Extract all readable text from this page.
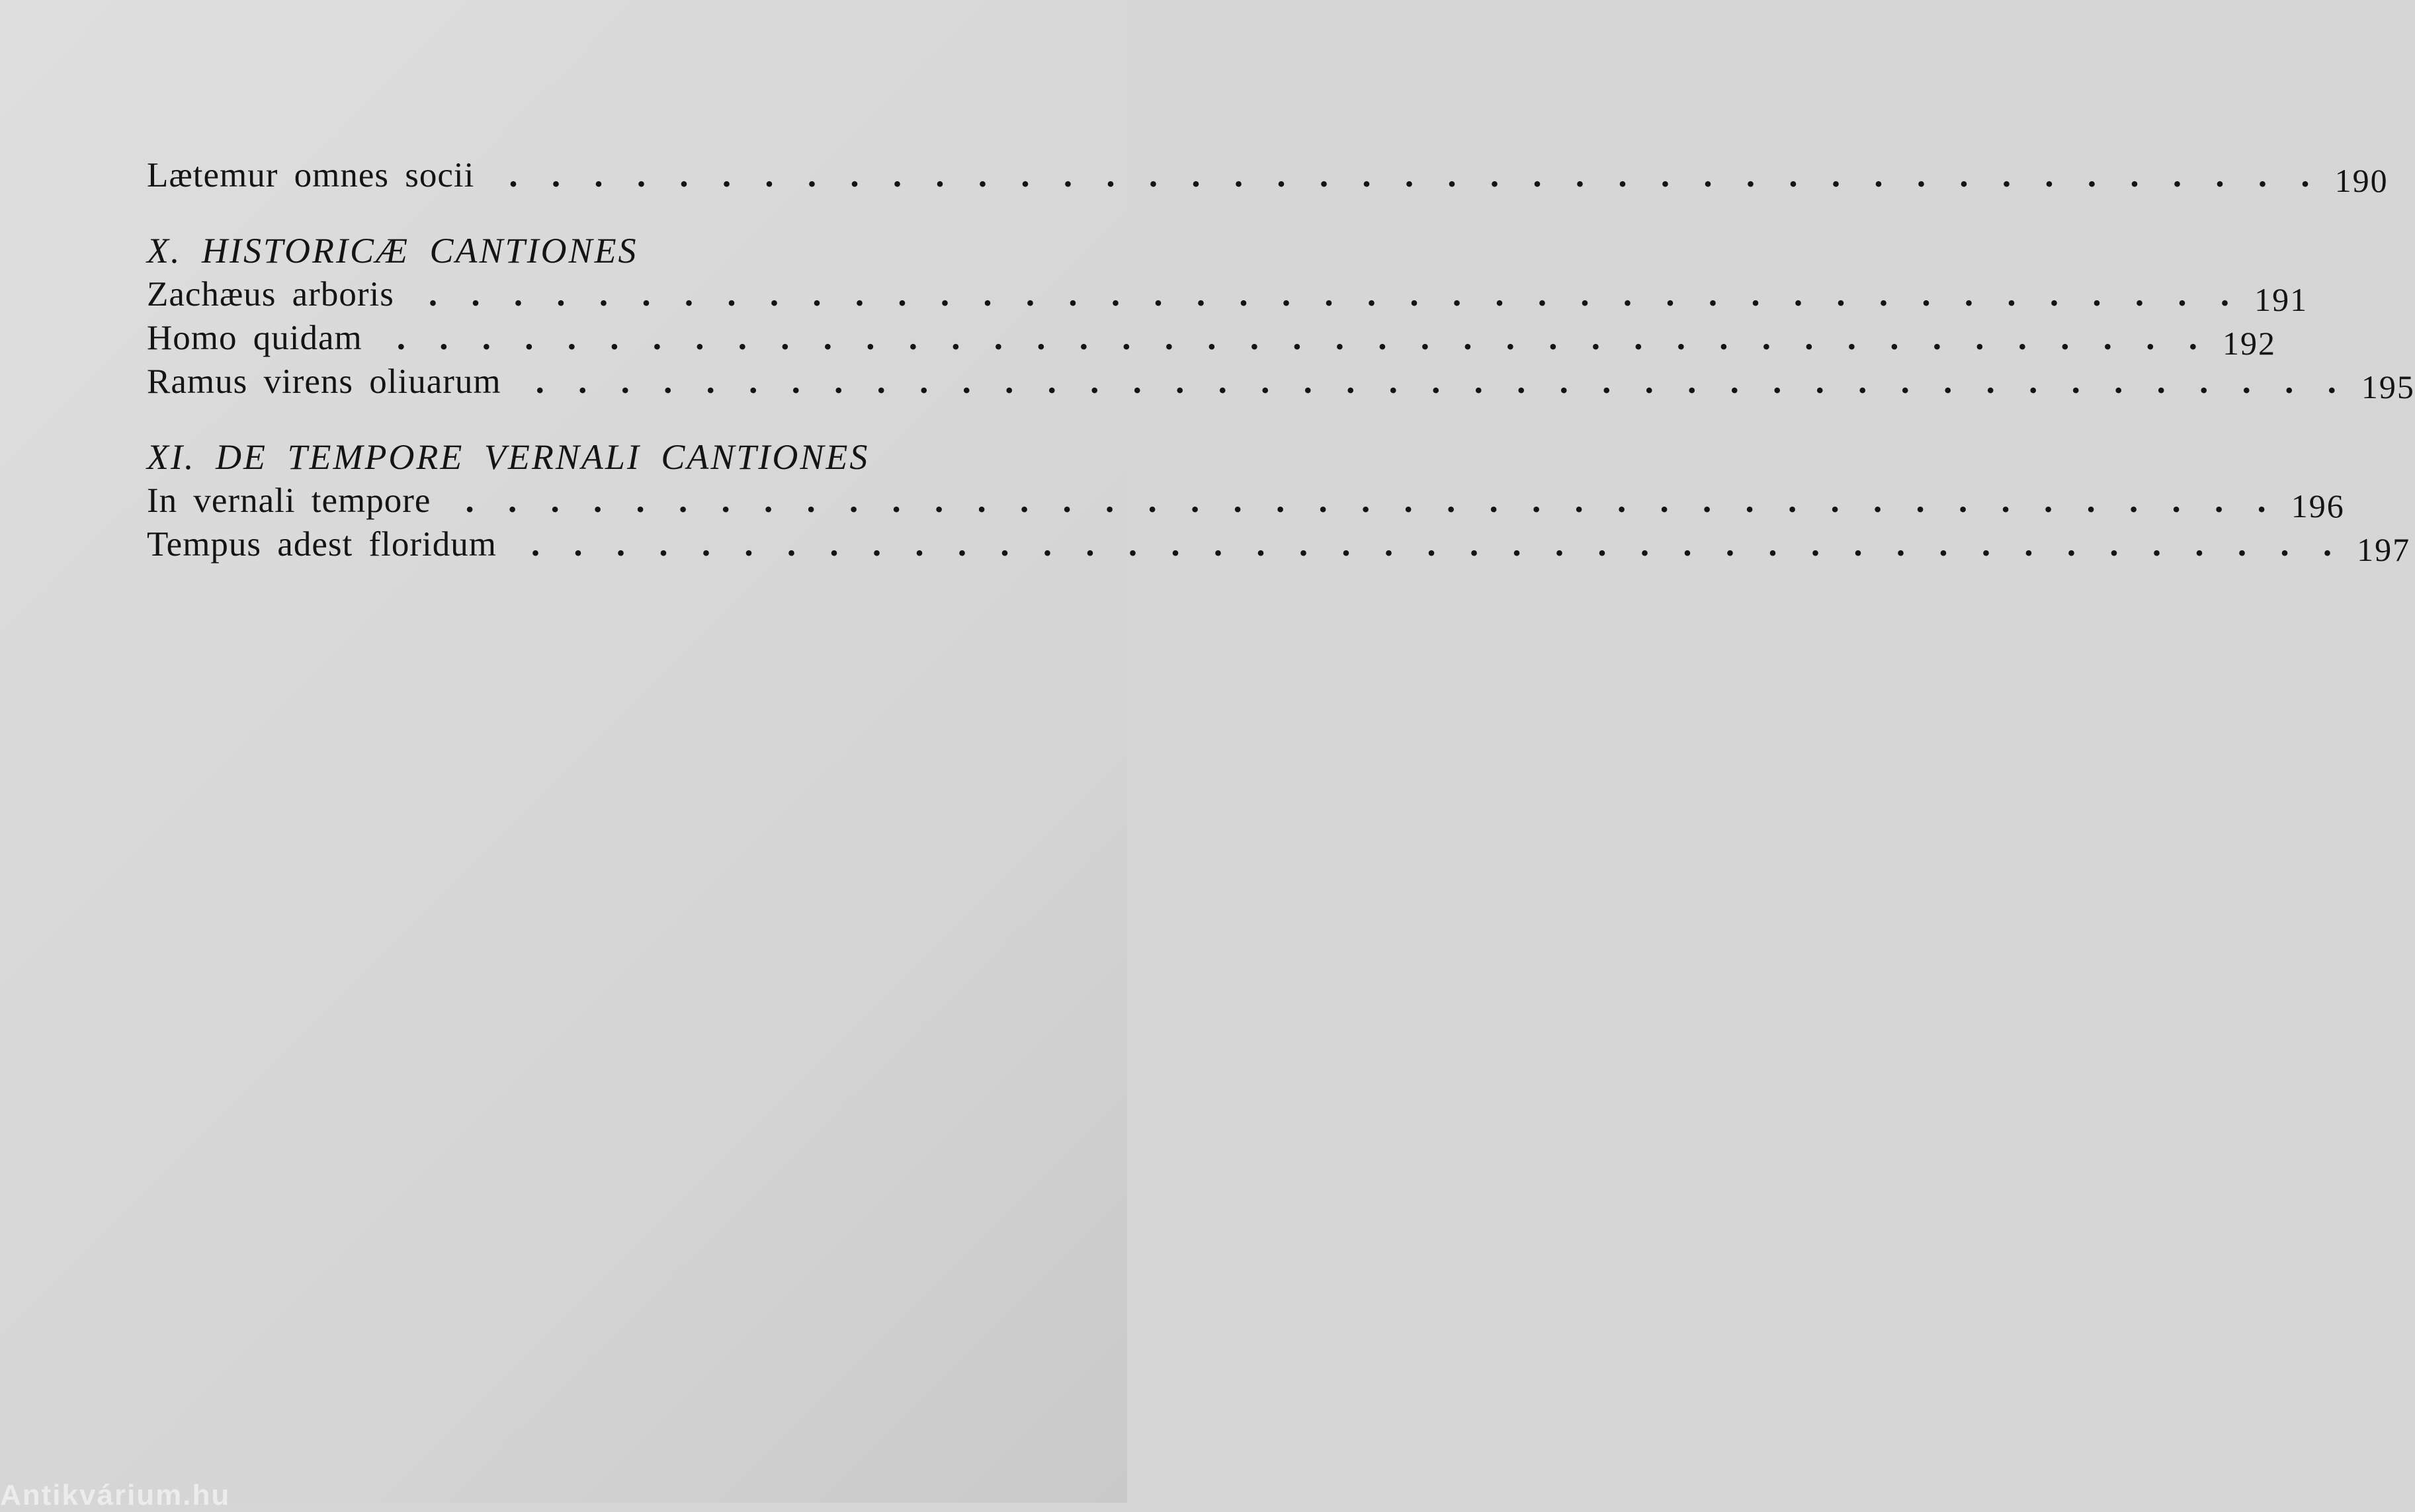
Lætemur omnes socii . . . . . . . . . . . . . . . . . . . . . . . . . . . . . . . . . . . . . . . . . . . 190
X. HISTORICÆ CANTIONES
Zachæus arboris . . . . . . . . . . . . . . . . . . . . . . . . . . . . . . . . . . . . . . . . . . . 191
Homo quidam . . . . . . . . . . . . . . . . . . . . . . . . . . . . . . . . . . . . . . . . . . . 192
Ramus virens oliuarum . . . . . . . . . . . . . . . . . . . . . . . . . . . . . . . . . . . . . . . . . . . 195
XI. DE TEMPORE VERNALI CANTIONES
In vernali tempore . . . . . . . . . . . . . . . . . . . . . . . . . . . . . . . . . . . . . . . . . . . 196
Tempus adest floridum . . . . . . . . . . . . . . . . . . . . . . . . . . . . . . . . . . . . . . . . . . . 197
Antikvárium.hu
